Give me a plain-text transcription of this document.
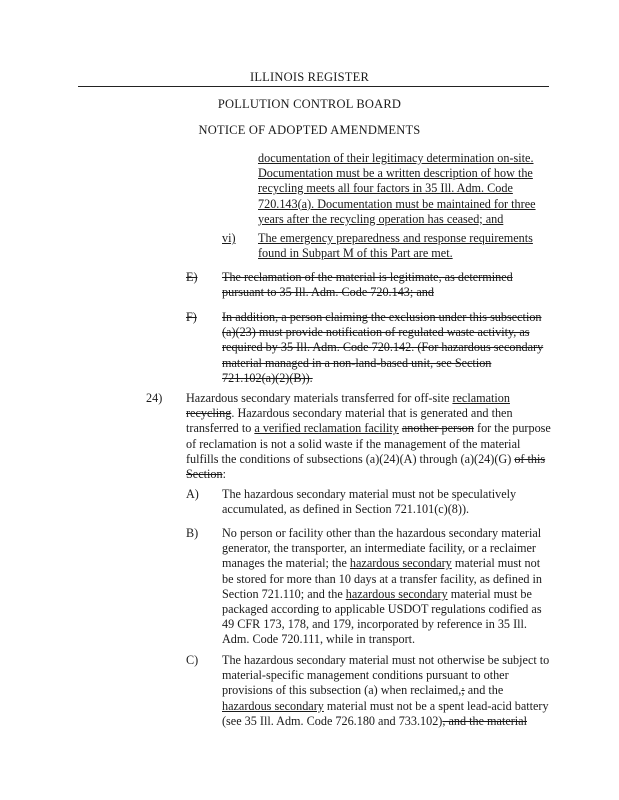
ILLINOIS REGISTER
POLLUTION CONTROL BOARD
NOTICE OF ADOPTED AMENDMENTS
documentation of their legitimacy determination on-site.
Documentation must be a written description of how the
recycling meets all four factors in 35 Ill. Adm. Code
720.143(a). Documentation must be maintained for three
years after the recycling operation has ceased; and
vi) The emergency preparedness and response requirements
found in Subpart M of this Part are met.
E) The reclamation of the material is legitimate, as determined
pursuant to 35 Ill. Adm. Code 720.143; and
F) In addition, a person claiming the exclusion under this subsection
(a)(23) must provide notification of regulated waste activity, as
required by 35 Ill. Adm. Code 720.142. (For hazardous secondary
material managed in a non-land-based unit, see Section
721.102(a)(2)(B)).
24) Hazardous secondary materials transferred for off-site reclamation
recycling. Hazardous secondary material that is generated and then
transferred to a verified reclamation facility another person for the purpose
of reclamation is not a solid waste if the management of the material
fulfills the conditions of subsections (a)(24)(A) through (a)(24)(G) of this
Section:
A) The hazardous secondary material must not be speculatively
accumulated, as defined in Section 721.101(c)(8)).
B) No person or facility other than the hazardous secondary material
generator, the transporter, an intermediate facility, or a reclaimer
manages the material; the hazardous secondary material must not
be stored for more than 10 days at a transfer facility, as defined in
Section 721.110; and the hazardous secondary material must be
packaged according to applicable USDOT regulations codified as
49 CFR 173, 178, and 179, incorporated by reference in 35 Ill.
Adm. Code 720.111, while in transport.
C) The hazardous secondary material must not otherwise be subject to
material-specific management conditions pursuant to other
provisions of this subsection (a) when reclaimed,; and the
hazardous secondary material must not be a spent lead-acid battery
(see 35 Ill. Adm. Code 726.180 and 733.102), and the material
